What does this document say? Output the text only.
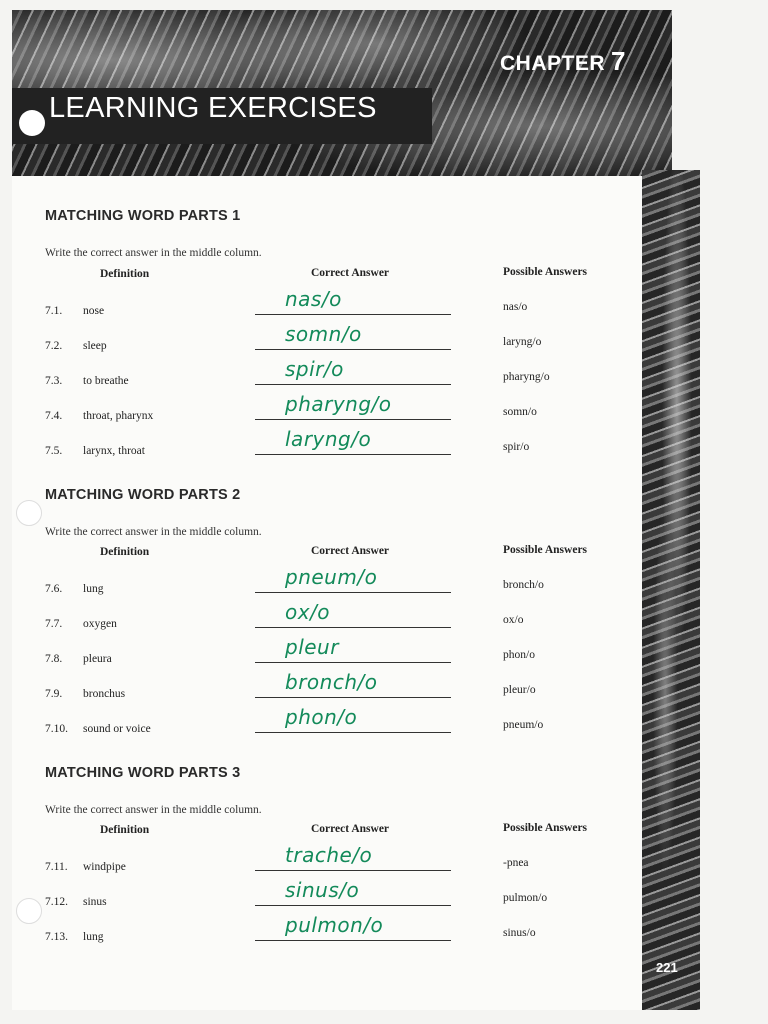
CHAPTER 7
LEARNING EXERCISES
221
MATCHING WORD PARTS 1
Write the correct answer in the middle column.
Definition	Correct Answer	Possible Answers
7.1. nose	nas/o	nas/o
7.2. sleep	somn/o	laryng/o
7.3. to breathe	spir/o	pharyng/o
7.4. throat, pharynx	pharyng/o	somn/o
7.5. larynx, throat	laryng/o	spir/o
MATCHING WORD PARTS 2
Write the correct answer in the middle column.
Definition	Correct Answer	Possible Answers
7.6. lung	pneum/o	bronch/o
7.7. oxygen	ox/o	ox/o
7.8. pleura	pleur	phon/o
7.9. bronchus	bronch/o	pleur/o
7.10. sound or voice	phon/o	pneum/o
MATCHING WORD PARTS 3
Write the correct answer in the middle column.
Definition	Correct Answer	Possible Answers
7.11. windpipe	trache/o	-pnea
7.12. sinus	sinus/o	pulmon/o
7.13. lung	pulmon/o	sinus/o
